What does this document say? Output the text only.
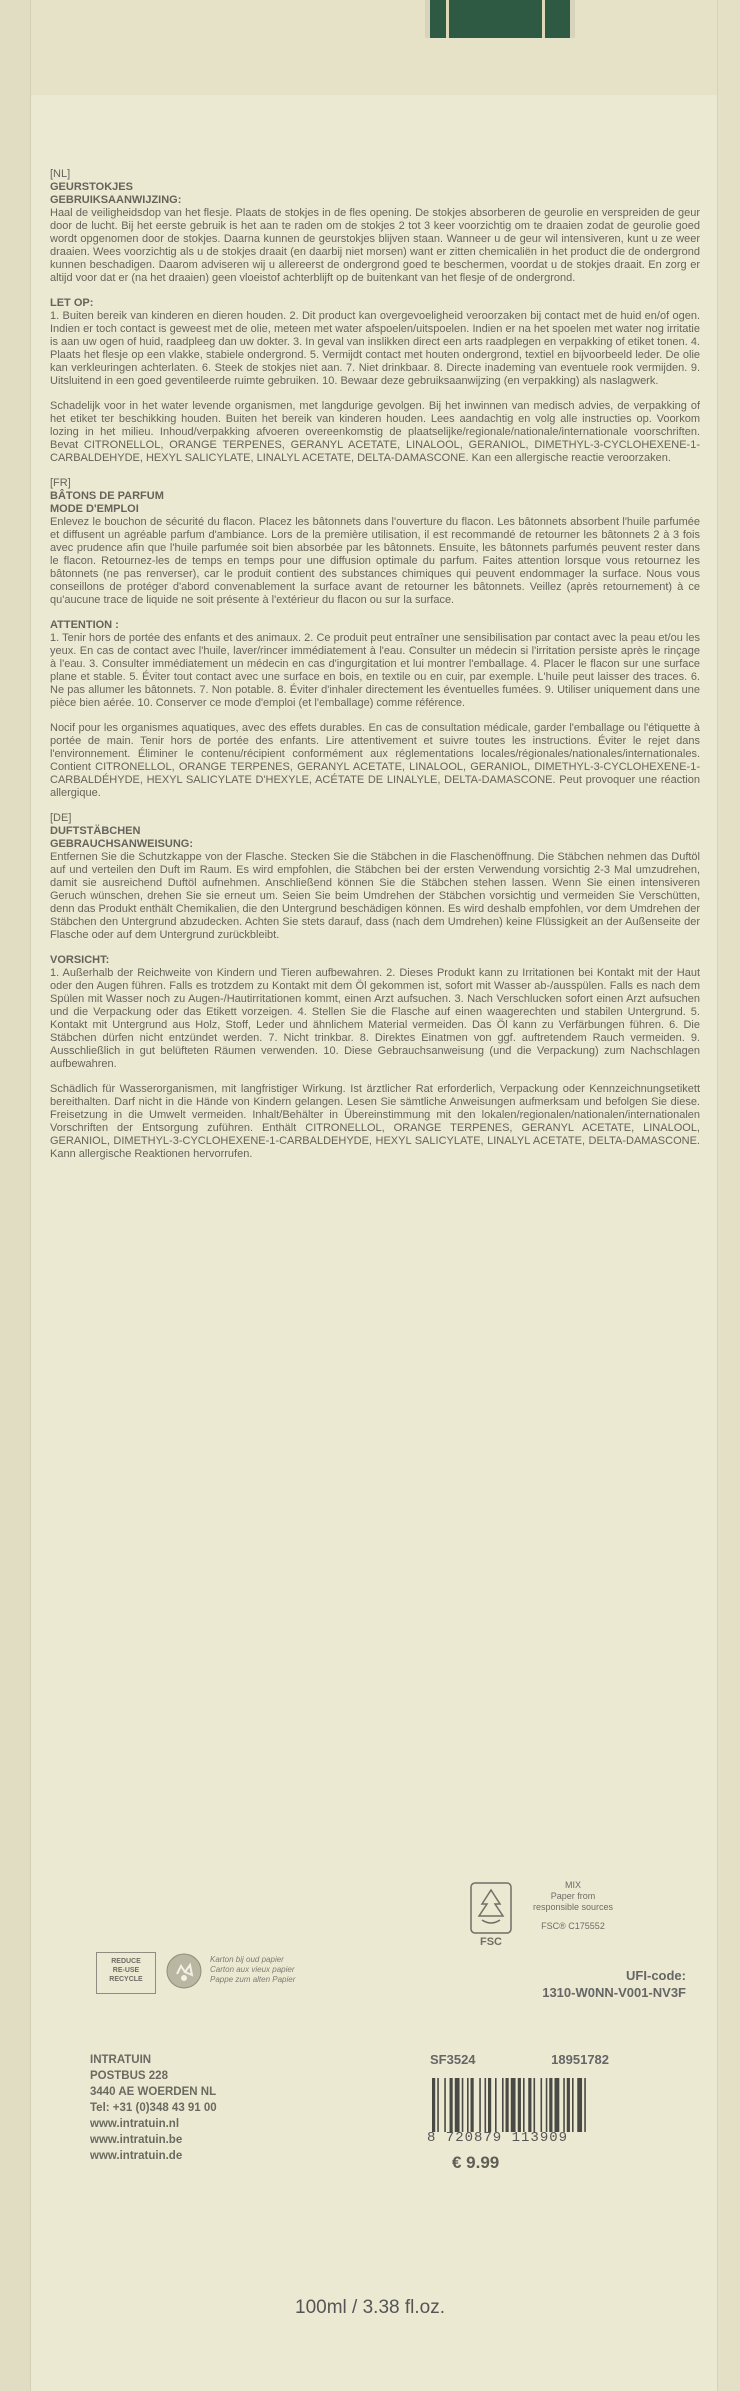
[NL]
GEURSTOKJES
GEBRUIKSAANWIJZING:

Haal de veiligheidsdop van het flesje. Plaats de stokjes in de fles opening. De stokjes absorberen de geurolie en verspreiden de geur door de lucht. Bij het eerste gebruik is het aan te raden om de stokjes 2 tot 3 keer voorzichtig om te draaien zodat de geurolie goed wordt opgenomen door de stokjes. Daarna kunnen de geurstokjes blijven staan. Wanneer u de geur wil intensiveren, kunt u ze weer draaien. Wees voorzichtig als u de stokjes draait (en daarbij niet morsen) want er zitten chemicaliën in het product die de ondergrond kunnen beschadigen. Daarom adviseren wij u allereerst de ondergrond goed te beschermen, voordat u de stokjes draait. En zorg er altijd voor dat er (na het draaien) geen vloeistof achterblijft op de buitenkant van het flesje of de ondergrond.

LET OP:

1. Buiten bereik van kinderen en dieren houden. 2. Dit product kan overgevoeligheid veroorzaken bij contact met de huid en/of ogen. Indien er toch contact is geweest met de olie, meteen met water afspoelen/uitspoelen. Indien er na het spoelen met water nog irritatie is aan uw ogen of huid, raadpleeg dan uw dokter. 3. In geval van inslikken direct een arts raadplegen en verpakking of etiket tonen. 4. Plaats het flesje op een vlakke, stabiele ondergrond. 5. Vermijdt contact met houten ondergrond, textiel en bijvoorbeeld leder. De olie kan verkleuringen achterlaten. 6. Steek de stokjes niet aan. 7. Niet drinkbaar. 8. Directe inademing van eventuele rook vermijden. 9. Uitsluitend in een goed geventileerde ruimte gebruiken. 10. Bewaar deze gebruiksaanwijzing (en verpakking) als naslagwerk.

Schadelijk voor in het water levende organismen, met langdurige gevolgen. Bij het inwinnen van medisch advies, de verpakking of het etiket ter beschikking houden. Buiten het bereik van kinderen houden. Lees aandachtig en volg alle instructies op. Voorkom lozing in het milieu. Inhoud/verpakking afvoeren overeenkomstig de plaatselijke/regionale/nationale/internationale voorschriften. Bevat CITRONELLOL, ORANGE TERPENES, GERANYL ACETATE, LINALOOL, GERANIOL, DIMETHYL-3-CYCLOHEXENE-1-CARBALDEHYDE, HEXYL SALICYLATE, LINALYL ACETATE, DELTA-DAMASCONE. Kan een allergische reactie veroorzaken.

[FR]
BÂTONS DE PARFUM
MODE D'EMPLOI

Enlevez le bouchon de sécurité du flacon. Placez les bâtonnets dans l'ouverture du flacon. Les bâtonnets absorbent l'huile parfumée et diffusent un agréable parfum d'ambiance. Lors de la première utilisation, il est recommandé de retourner les bâtonnets 2 à 3 fois avec prudence afin que l'huile parfumée soit bien absorbée par les bâtonnets. Ensuite, les bâtonnets parfumés peuvent rester dans le flacon. Retournez-les de temps en temps pour une diffusion optimale du parfum. Faites attention lorsque vous retournez les bâtonnets (ne pas renverser), car le produit contient des substances chimiques qui peuvent endommager la surface. Nous vous conseillons de protéger d'abord convenablement la surface avant de retourner les bâtonnets. Veillez (après retournement) à ce qu'aucune trace de liquide ne soit présente à l'extérieur du flacon ou sur la surface.

ATTENTION :

1. Tenir hors de portée des enfants et des animaux. 2. Ce produit peut entraîner une sensibilisation par contact avec la peau et/ou les yeux. En cas de contact avec l'huile, laver/rincer immédiatement à l'eau. Consulter un médecin si l'irritation persiste après le rinçage à l'eau. 3. Consulter immédiatement un médecin en cas d'ingurgitation et lui montrer l'emballage. 4. Placer le flacon sur une surface plane et stable. 5. Éviter tout contact avec une surface en bois, en textile ou en cuir, par exemple. L'huile peut laisser des traces. 6. Ne pas allumer les bâtonnets. 7. Non potable. 8. Éviter d'inhaler directement les éventuelles fumées. 9. Utiliser uniquement dans une pièce bien aérée. 10. Conserver ce mode d'emploi (et l'emballage) comme référence.

Nocif pour les organismes aquatiques, avec des effets durables. En cas de consultation médicale, garder l'emballage ou l'étiquette à portée de main. Tenir hors de portée des enfants. Lire attentivement et suivre toutes les instructions. Éviter le rejet dans l'environnement. Éliminer le contenu/récipient conformément aux réglementations locales/régionales/nationales/internationales. Contient CITRONELLOL, ORANGE TERPENES, GERANYL ACETATE, LINALOOL, GERANIOL, DIMETHYL-3-CYCLOHEXENE-1-CARBALDÉHYDE, HEXYL SALICYLATE D'HEXYLE, ACÉTATE DE LINALYLE, DELTA-DAMASCONE. Peut provoquer une réaction allergique.

[DE]
DUFTSTÄBCHEN
GEBRAUCHSANWEISUNG:

Entfernen Sie die Schutzkappe von der Flasche. Stecken Sie die Stäbchen in die Flaschenöffnung. Die Stäbchen nehmen das Duftöl auf und verteilen den Duft im Raum. Es wird empfohlen, die Stäbchen bei der ersten Verwendung vorsichtig 2-3 Mal umzudrehen, damit sie ausreichend Duftöl aufnehmen. Anschließend können Sie die Stäbchen stehen lassen. Wenn Sie einen intensiveren Geruch wünschen, drehen Sie sie erneut um. Seien Sie beim Umdrehen der Stäbchen vorsichtig und vermeiden Sie Verschütten, denn das Produkt enthält Chemikalien, die den Untergrund beschädigen können. Es wird deshalb empfohlen, vor dem Umdrehen der Stäbchen den Untergrund abzudecken. Achten Sie stets darauf, dass (nach dem Umdrehen) keine Flüssigkeit an der Außenseite der Flasche oder auf dem Untergrund zurückbleibt.

VORSICHT:

1. Außerhalb der Reichweite von Kindern und Tieren aufbewahren. 2. Dieses Produkt kann zu Irritationen bei Kontakt mit der Haut oder den Augen führen. Falls es trotzdem zu Kontakt mit dem Öl gekommen ist, sofort mit Wasser ab-/ausspülen. Falls es nach dem Spülen mit Wasser noch zu Augen-/Hautirritationen kommt, einen Arzt aufsuchen. 3. Nach Verschlucken sofort einen Arzt aufsuchen und die Verpackung oder das Etikett vorzeigen. 4. Stellen Sie die Flasche auf einen waagerechten und stabilen Untergrund. 5. Kontakt mit Untergrund aus Holz, Stoff, Leder und ähnlichem Material vermeiden. Das Öl kann zu Verfärbungen führen. 6. Die Stäbchen dürfen nicht entzündet werden. 7. Nicht trinkbar. 8. Direktes Einatmen von ggf. auftretendem Rauch vermeiden. 9. Ausschließlich in gut belüfteten Räumen verwenden. 10. Diese Gebrauchsanweisung (und die Verpackung) zum Nachschlagen aufbewahren.

Schädlich für Wasserorganismen, mit langfristiger Wirkung. Ist ärztlicher Rat erforderlich, Verpackung oder Kennzeichnungsetikett bereithalten. Darf nicht in die Hände von Kindern gelangen. Lesen Sie sämtliche Anweisungen aufmerksam und befolgen Sie diese. Freisetzung in die Umwelt vermeiden. Inhalt/Behälter in Übereinstimmung mit den lokalen/regionalen/nationalen/internationalen Vorschriften der Entsorgung zuführen. Enthält CITRONELLOL, ORANGE TERPENES, GERANYL ACETATE, LINALOOL, GERANIOL, DIMETHYL-3-CYCLOHEXENE-1-CARBALDEHYDE, HEXYL SALICYLATE, LINALYL ACETATE, DELTA-DAMASCONE. Kann allergische Reaktionen hervorrufen.

REDUCE
RE-USE
RECYCLE
Karton bij oud papier
Carton aux vieux papier
Pappe zum alten Papier
FSC
MIX
Paper from
responsible sources
FSC® C175552
UFI-code:
1310-W0NN-V001-NV3F
INTRATUIN
POSTBUS 228
3440 AE WOERDEN NL
Tel: +31 (0)348 43 91 00
www.intratuin.nl
www.intratuin.be
www.intratuin.de
SF3524	18951782
8 720879 113909
€ 9.99
100ml / 3.38 fl.oz.
